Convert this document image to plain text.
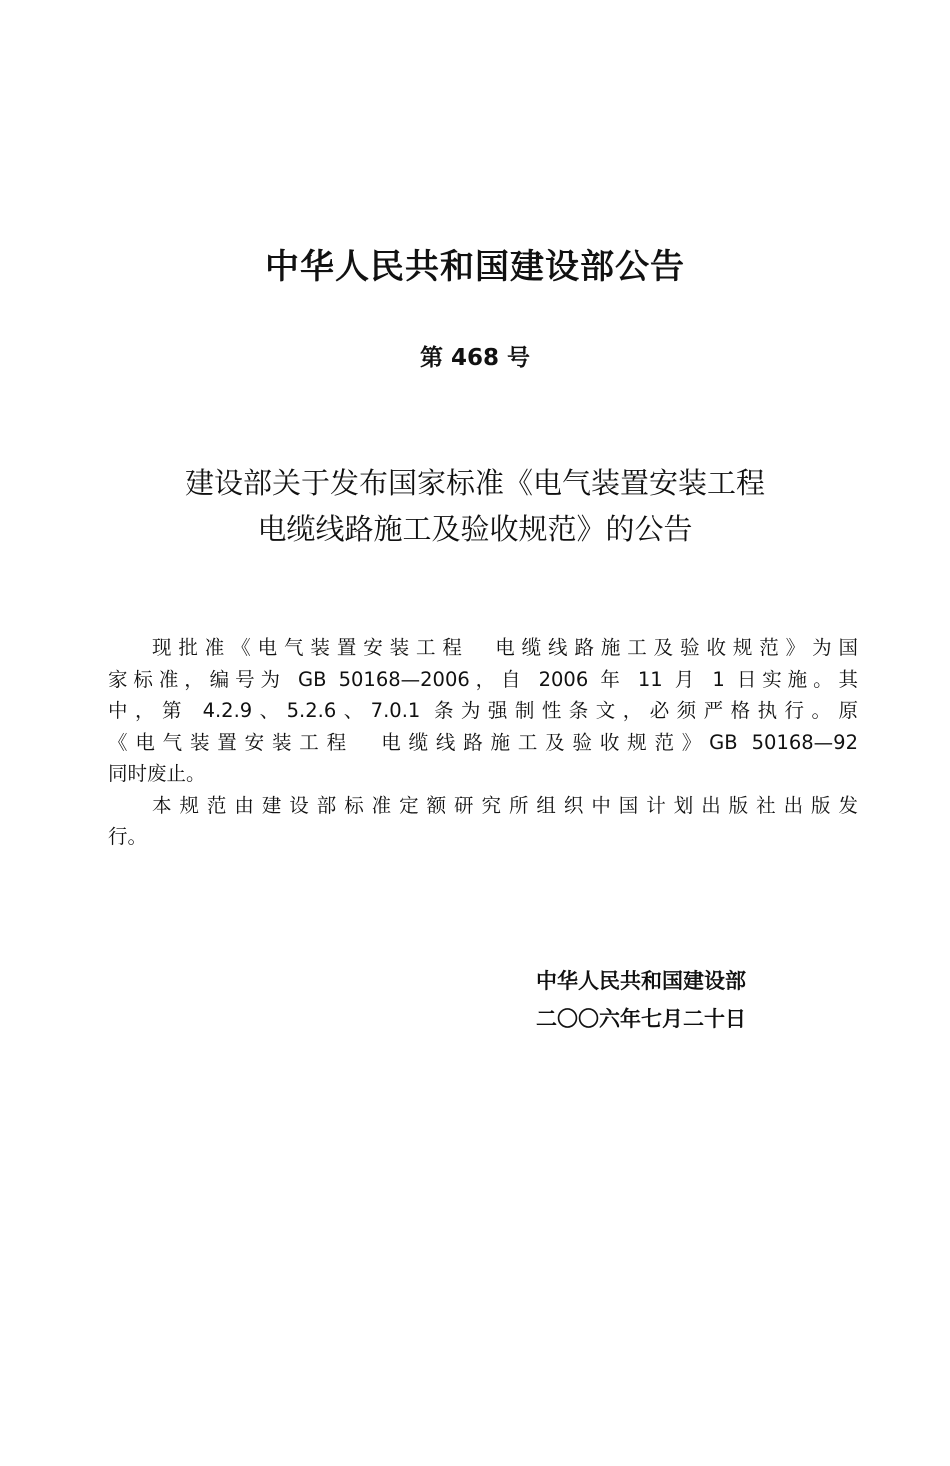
中华人民共和国建设部公告
第 468 号
建设部关于发布国家标准《电气装置安装工程
电缆线路施工及验收规范》的公告
现批准《电气装置安装工程　电缆线路施工及验收规范》为国
家标准，编号为 GB 50168—2006，自 2006 年 11 月 1 日实施。其
中，第 4.2.9、5.2.6、7.0.1 条为强制性条文，必须严格执行。原
《电气装置安装工程　电缆线路施工及验收规范》GB 50168—92
同时废止。
本规范由建设部标准定额研究所组织中国计划出版社出版发
行。
中华人民共和国建设部
二〇〇六年七月二十日
